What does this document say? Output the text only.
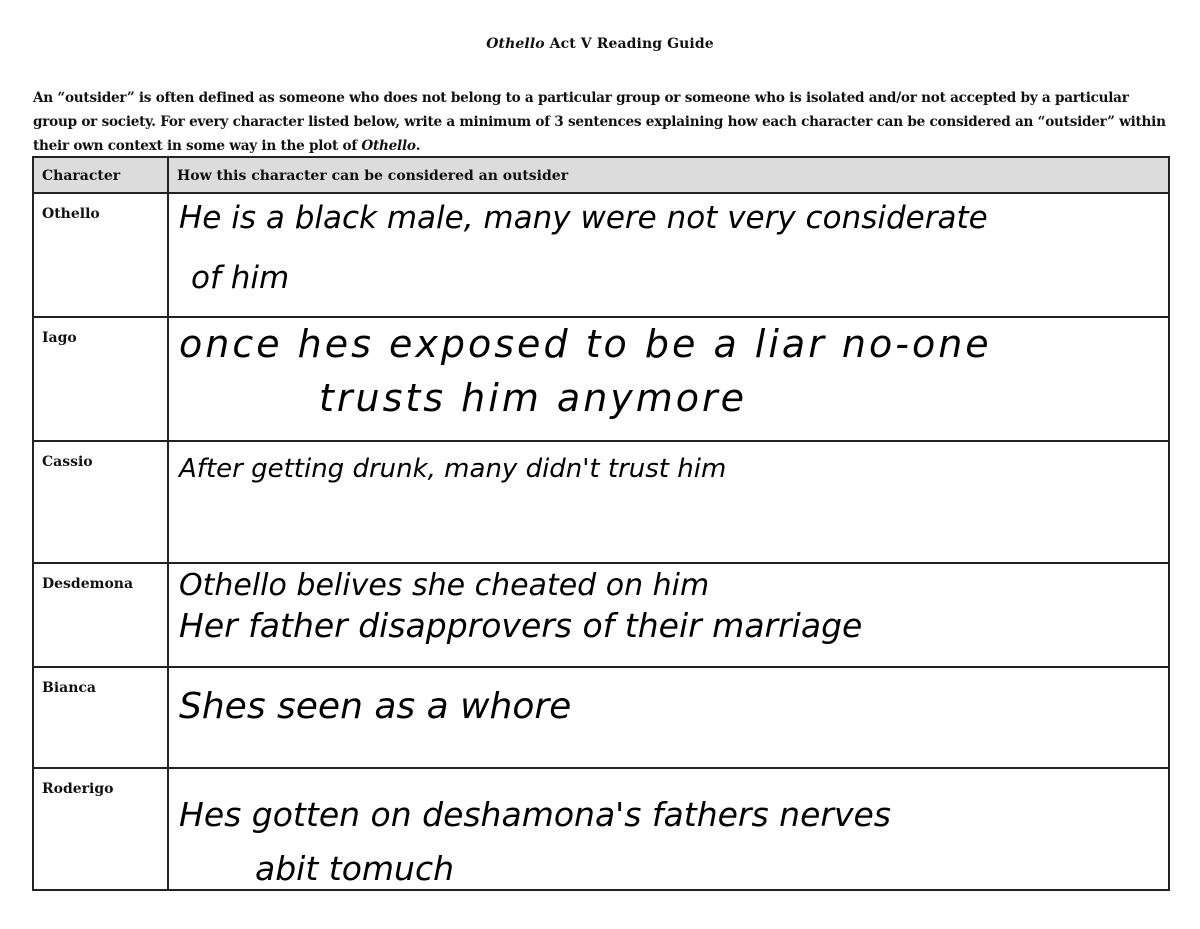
Othello Act V Reading Guide
An “outsider” is often defined as someone who does not belong to a particular group or someone who is isolated and/or not accepted by a particular group or society. For every character listed below, write a minimum of 3 sentences explaining how each character can be considered an “outsider” within their own context in some way in the plot of Othello.
Character	How this character can be considered an outsider
Othello	He is a black male, many were not very considerate
of him

Iago	once hes exposed to be a liar no-one
trusts him anymore

Cassio	After getting drunk, many didn't trust him

Desdemona	Othello belives she cheated on him
Her father disapprovers of their marriage

Bianca	Shes seen as a whore

Roderigo	Hes gotten on deshamona's fathers nerves
abit tomuch
